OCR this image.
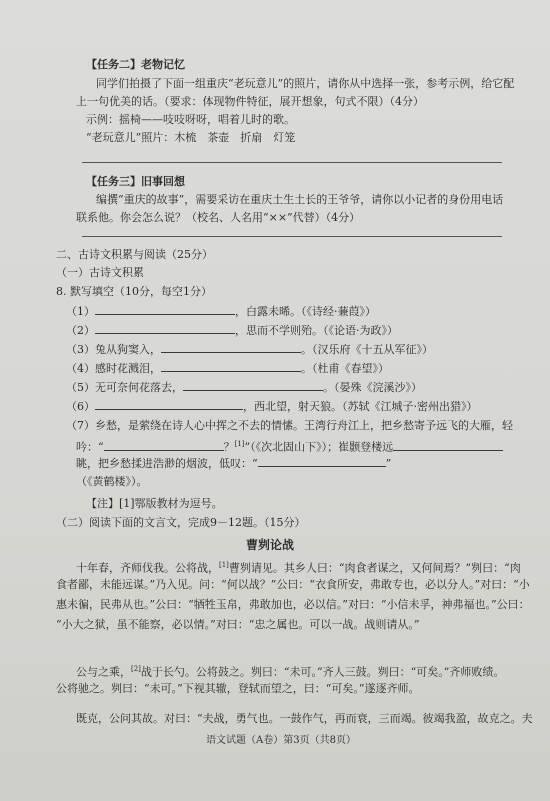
【任务二】老物记忆
同学们拍摄了下面一组重庆“老玩意儿”的照片，请你从中选择一张，参考示例，给它配
上一句优美的话。（要求：体现物件特征，展开想象，句式不限）（4分）
示例：摇椅——吱吱呀呀，唱着儿时的歌。
“老玩意儿”照片：木梳　茶壶　折扇　灯笼
【任务三】旧事回想
编撰“重庆的故事”，需要采访在重庆土生土长的王爷爷，请你以小记者的身份用电话
联系他。你会怎么说？（校名、人名用“××”代替）（4分）
二、古诗文积累与阅读（25分）
（一）古诗文积累
8. 默写填空（10分，每空1分）
（1）	，白露未晞。（《诗经·蒹葭》）
（2）	，思而不学则殆。（《论语·为政》）
（3）兔从狗窦入，	。（汉乐府《十五从军征》）
（4）感时花溅泪，	。（杜甫《春望》）
（5）无可奈何花落去，	。（晏殊《浣溪沙》）
（6）	，西北望，射天狼。（苏轼《江城子·密州出猎》）
（7）乡愁，是萦绕在诗人心中挥之不去的情愫。王湾行舟江上，把乡愁寄予远飞的大雁，轻
吟：“	？[1]”（《次北固山下》）；崔颢登楼远
眺，把乡愁揉进浩渺的烟波，低叹：“	”
（《黄鹤楼》）。
【注】[1]鄂版教材为逗号。
（二）阅读下面的文言文，完成9－12题。（15分）
曹刿论战
十年春，齐师伐我。公将战，[1]曹刿请见。其乡人曰：“肉食者谋之，又何间焉？”刿曰：“肉
食者鄙，未能远谋。”乃入见。问：“何以战？”公曰：“衣食所安，弗敢专也，必以分人。”对曰：“小
惠未徧，民弗从也。”公曰：“牺牲玉帛，弗敢加也，必以信。”对曰：“小信未孚，神弗福也。”公曰：
“小大之狱，虽不能察，必以情。”对曰：“忠之属也。可以一战。战则请从。”
公与之乘，[2]战于长勺。公将鼓之。刿曰：“未可。”齐人三鼓。刿曰：“可矣。”齐师败绩。
公将驰之。刿曰：“未可。”下视其辙，登轼而望之，曰：“可矣。”遂逐齐师。
既克，公问其故。对曰：“夫战，勇气也。一鼓作气，再而衰，三而竭。彼竭我盈，故克之。夫
语文试题（A卷）第3页（共8页）
